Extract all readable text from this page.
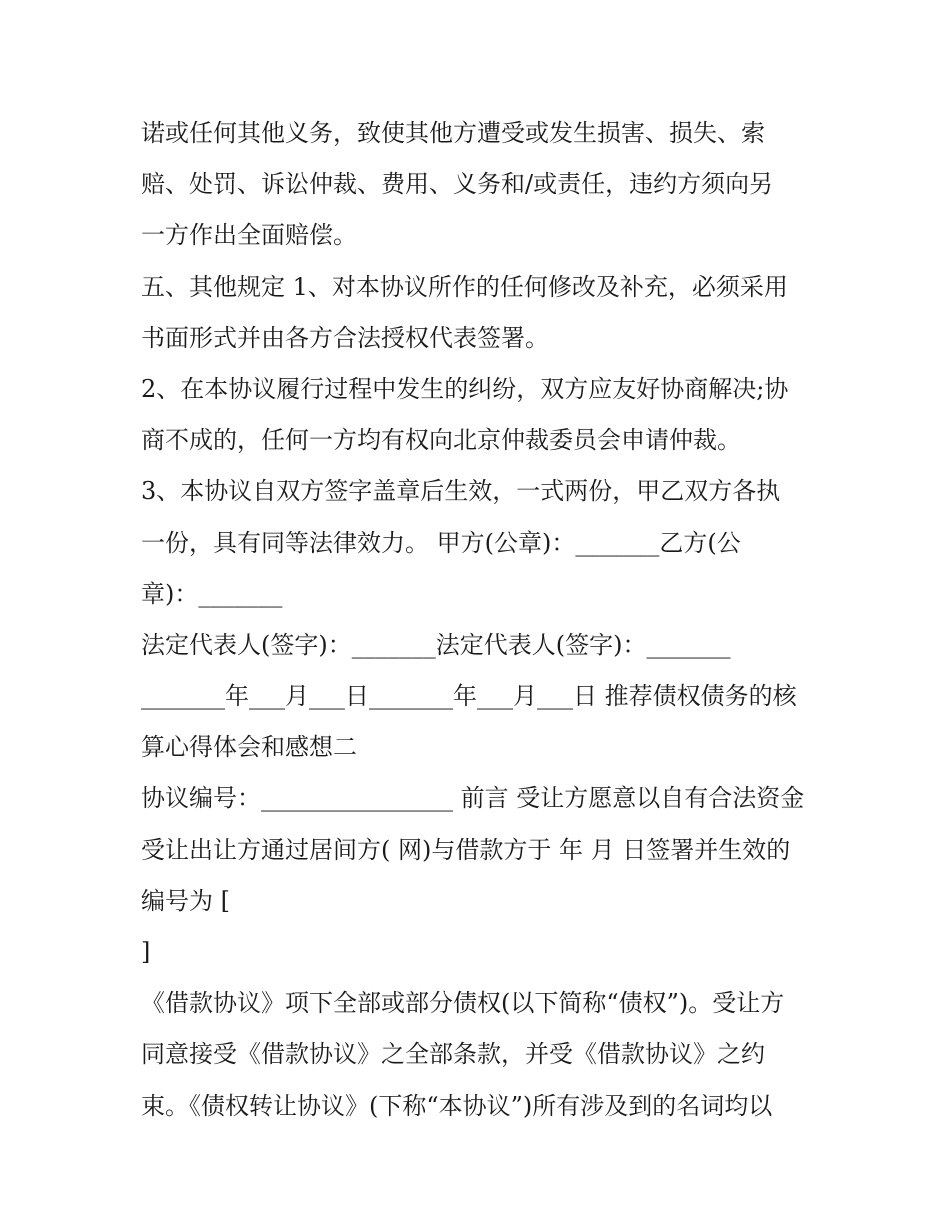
诺或任何其他义务，致使其他方遭受或发生损害、损失、索
赔、处罚、诉讼仲裁、费用、义务和/或责任，违约方须向另
一方作出全面赔偿。
五、其他规定 1、对本协议所作的任何修改及补充，必须采用
书面形式并由各方合法授权代表签署。
2、在本协议履行过程中发生的纠纷，双方应友好协商解决;协
商不成的，任何一方均有权向北京仲裁委员会申请仲裁。
3、本协议自双方签字盖章后生效，一式两份，甲乙双方各执
一份，具有同等法律效力。 甲方(公章)：_______乙方(公
章)：_______
法定代表人(签字)：_______法定代表人(签字)：_______
_______年___月___日_______年___月___日 推荐债权债务的核
算心得体会和感想二
协议编号：________________ 前言 受让方愿意以自有合法资金
受让出让方通过居间方( 网)与借款方于 年 月 日签署并生效的
编号为 [
]
《借款协议》项下全部或部分债权(以下简称“债权”)。受让方
同意接受《借款协议》之全部条款，并受《借款协议》之约
束。《债权转让协议》(下称“本协议”)所有涉及到的名词均以
